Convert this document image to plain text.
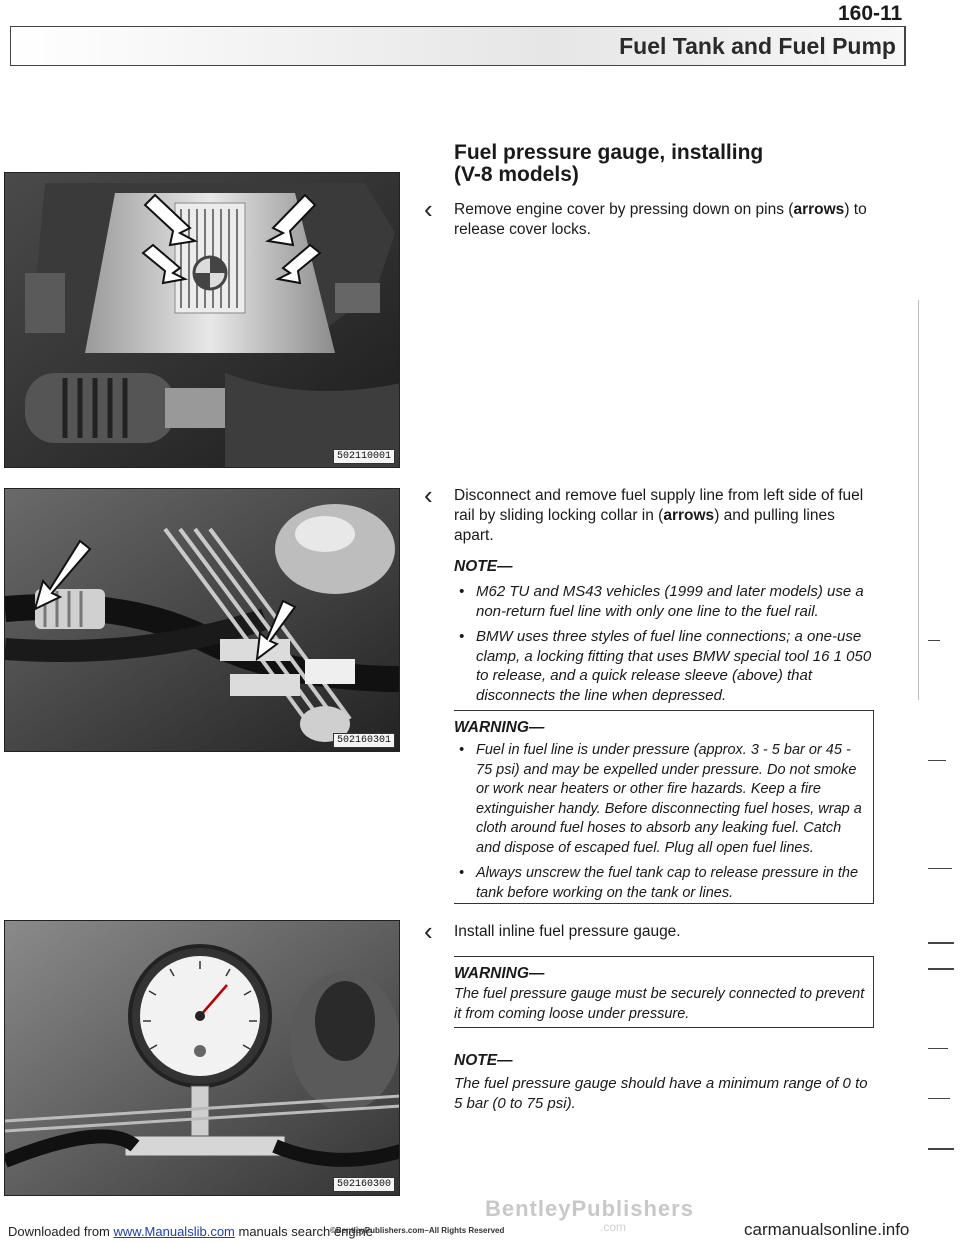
160-11
Fuel Tank and Fuel Pump
502110001
502160301
502160300
Fuel pressure gauge, installing
(V-8 models)
‹ Remove engine cover by pressing down on pins (arrows) to release cover locks.
‹ Disconnect and remove fuel supply line from left side of fuel rail by sliding locking collar in (arrows) and pulling lines apart.
NOTE—
• M62 TU and MS43 vehicles (1999 and later models) use a non-return fuel line with only one line to the fuel rail.
• BMW uses three styles of fuel line connections; a one-use clamp, a locking fitting that uses BMW special tool 16 1 050 to release, and a quick release sleeve (above) that disconnects the line when depressed.
WARNING—
• Fuel in fuel line is under pressure (approx. 3 - 5 bar or 45 - 75 psi) and may be expelled under pressure. Do not smoke or work near heaters or other fire hazards. Keep a fire extinguisher handy. Before disconnecting fuel hoses, wrap a cloth around fuel hoses to absorb any leaking fuel. Catch and dispose of escaped fuel. Plug all open fuel lines.
• Always unscrew the fuel tank cap to release pressure in the tank before working on the tank or lines.
‹ Install inline fuel pressure gauge.
WARNING—
The fuel pressure gauge must be securely connected to prevent it from coming loose under pressure.
NOTE—
The fuel pressure gauge should have a minimum range of 0 to 5 bar (0 to 75 psi).
BentleyPublishers
.com
Downloaded from www.Manualslib.com manuals search engine
©BentleyPublishers.com–All Rights Reserved	carmanualsonline.info
